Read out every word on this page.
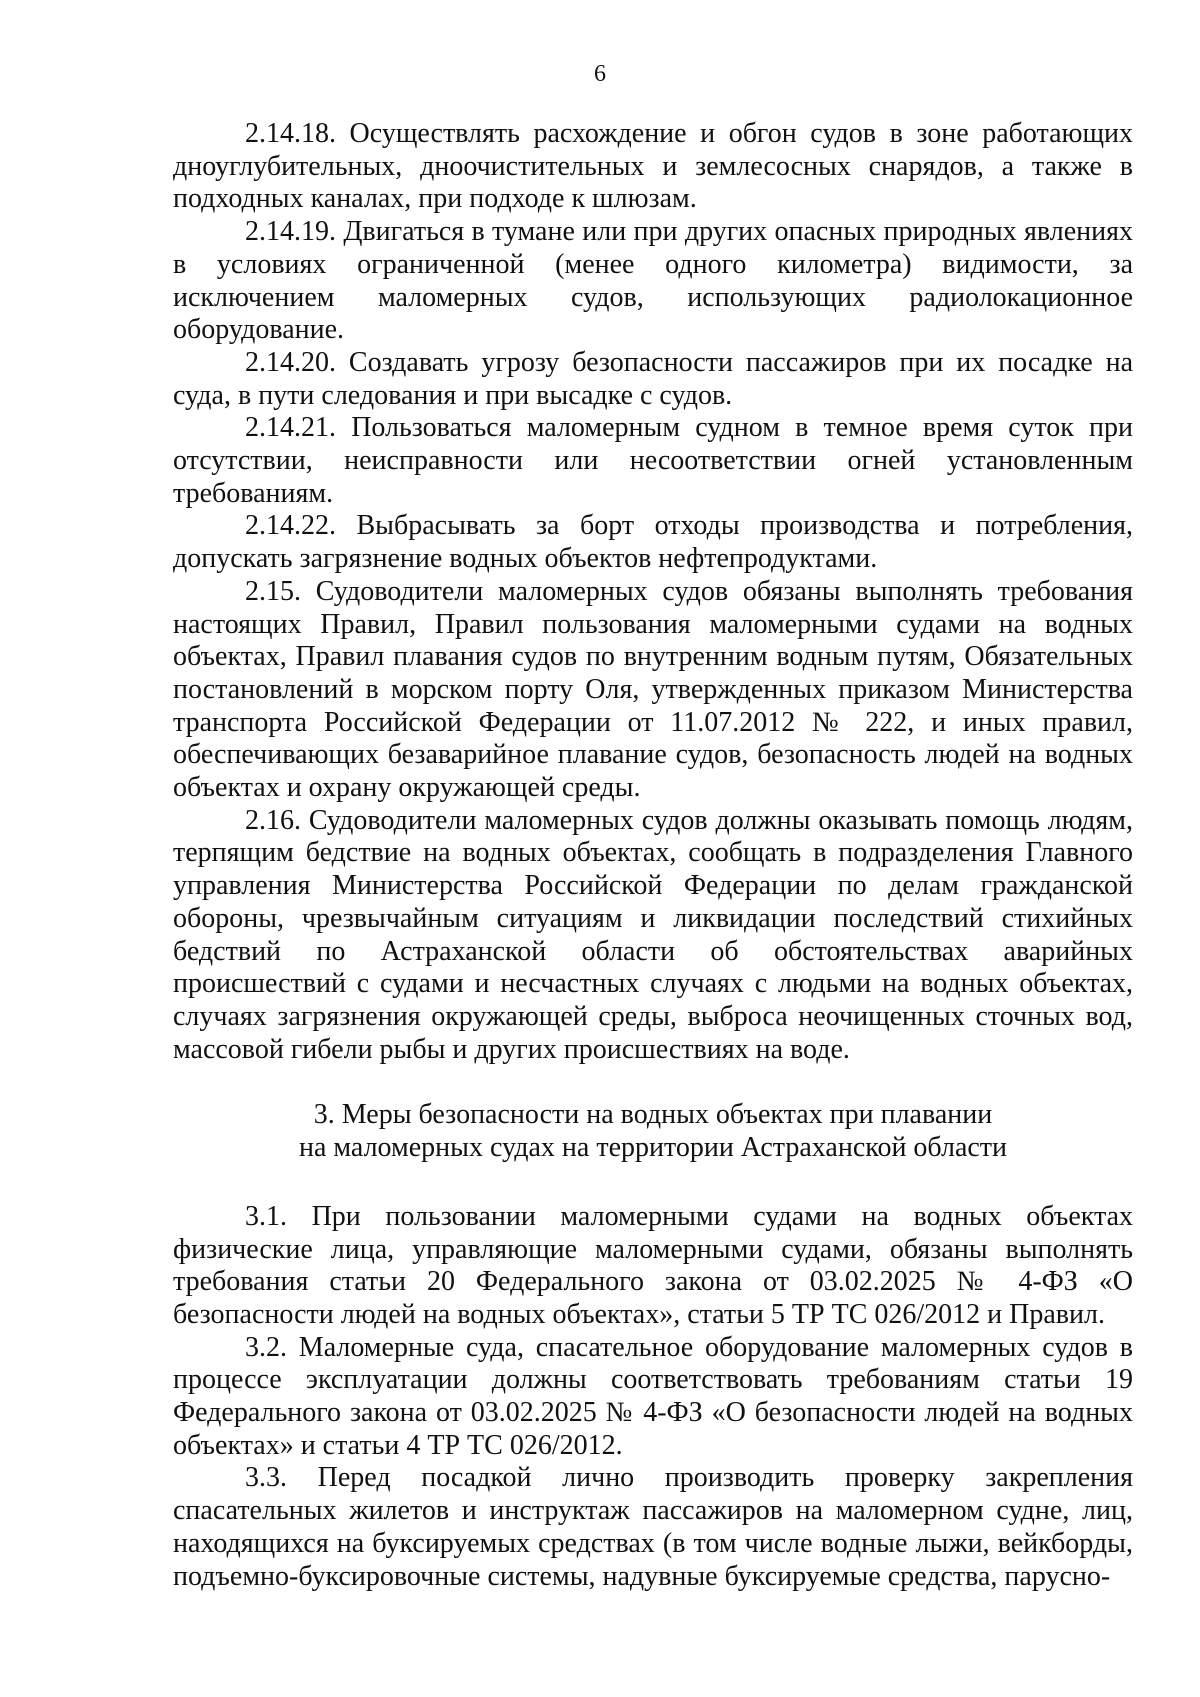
6

2.14.18. Осуществлять расхождение и обгон судов в зоне работающих дноуглубительных, дноочистительных и землесосных снарядов, а также в подходных каналах, при подходе к шлюзам.

2.14.19. Двигаться в тумане или при других опасных природных явлениях в условиях ограниченной (менее одного километра) видимости, за исключением маломерных судов, использующих радиолокационное оборудование.

2.14.20. Создавать угрозу безопасности пассажиров при их посадке на суда, в пути следования и при высадке с судов.

2.14.21. Пользоваться маломерным судном в темное время суток при отсутствии, неисправности или несоответствии огней установленным требованиям.

2.14.22. Выбрасывать за борт отходы производства и потребления, допускать загрязнение водных объектов нефтепродуктами.

2.15. Судоводители маломерных судов обязаны выполнять требования настоящих Правил, Правил пользования маломерными судами на водных объектах, Правил плавания судов по внутренним водным путям, Обязательных постановлений в морском порту Оля, утвержденных приказом Министерства транспорта Российской Федерации от 11.07.2012 № 222, и иных правил, обеспечивающих безаварийное плавание судов, безопасность людей на водных объектах и охрану окружающей среды.

2.16. Судоводители маломерных судов должны оказывать помощь людям, терпящим бедствие на водных объектах, сообщать в подразделения Главного управления Министерства Российской Федерации по делам гражданской обороны, чрезвычайным ситуациям и ликвидации последствий стихийных бедствий по Астраханской области об обстоятельствах аварийных происшествий с судами и несчастных случаях с людьми на водных объектах, случаях загрязнения окружающей среды, выброса неочищенных сточных вод, массовой гибели рыбы и других происшествиях на воде.

3. Меры безопасности на водных объектах при плавании
на маломерных судах на территории Астраханской области

3.1. При пользовании маломерными судами на водных объектах физические лица, управляющие маломерными судами, обязаны выполнять требования статьи 20 Федерального закона от 03.02.2025 № 4-ФЗ «О безопасности людей на водных объектах», статьи 5 ТР ТС 026/2012 и Правил.

3.2. Маломерные суда, спасательное оборудование маломерных судов в процессе эксплуатации должны соответствовать требованиям статьи 19 Федерального закона от 03.02.2025 № 4-ФЗ «О безопасности людей на водных объектах» и статьи 4 ТР ТС 026/2012.

3.3. Перед посадкой лично производить проверку закрепления спасательных жилетов и инструктаж пассажиров на маломерном судне, лиц, находящихся на буксируемых средствах (в том числе водные лыжи, вейкборды, подъемно-буксировочные системы, надувные буксируемые средства, парусно-
